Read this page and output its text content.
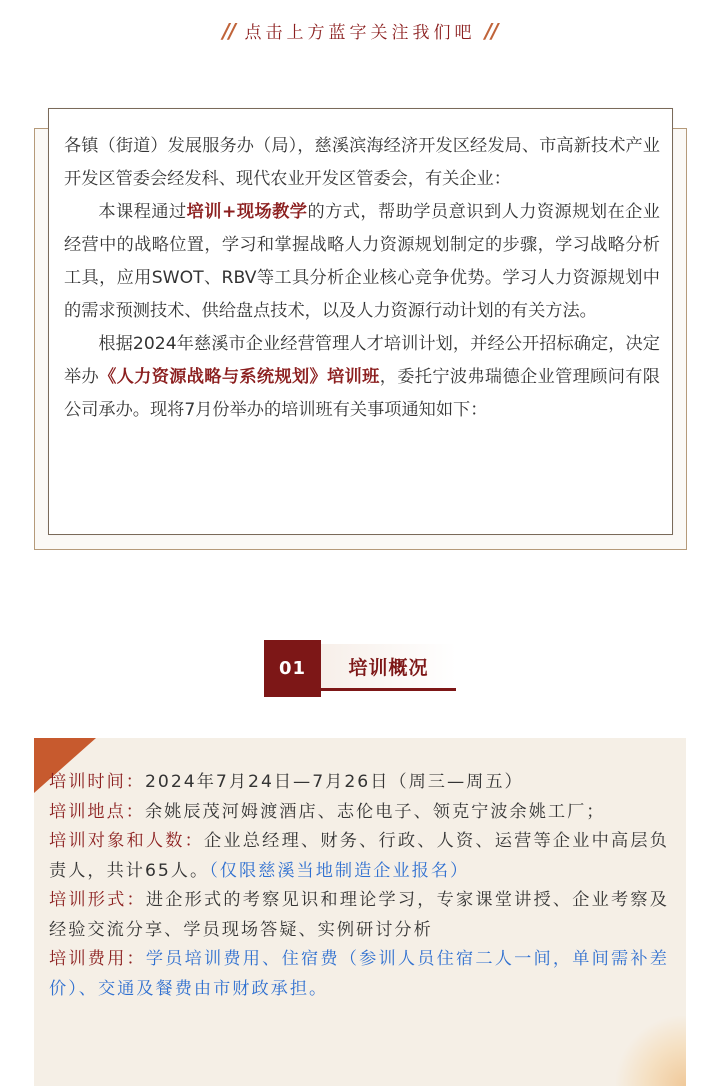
// 点击上方蓝字关注我们吧 //

各镇（街道）发展服务办（局），慈溪滨海经济开发区经发局、市高新技术产业开发区管委会经发科、现代农业开发区管委会，有关企业：

本课程通过培训+现场教学的方式，帮助学员意识到人力资源规划在企业经营中的战略位置，学习和掌握战略人力资源规划制定的步骤，学习战略分析工具，应用SWOT、RBV等工具分析企业核心竞争优势。学习人力资源规划中的需求预测技术、供给盘点技术，以及人力资源行动计划的有关方法。

根据2024年慈溪市企业经营管理人才培训计划，并经公开招标确定，决定举办《人力资源战略与系统规划》培训班，委托宁波弗瑞德企业管理顾问有限公司承办。现将7月份举办的培训班有关事项通知如下：

01	培训概况

培训时间：2024年7月24日—7月26日（周三—周五）

培训地点：余姚辰茂河姆渡酒店、志伦电子、领克宁波余姚工厂；

培训对象和人数：企业总经理、财务、行政、人资、运营等企业中高层负责人，共计65人。（仅限慈溪当地制造企业报名）

培训形式：进企形式的考察见识和理论学习，专家课堂讲授、企业考察及经验交流分享、学员现场答疑、实例研讨分析

培训费用：学员培训费用、住宿费（参训人员住宿二人一间，单间需补差价）、交通及餐费由市财政承担。
